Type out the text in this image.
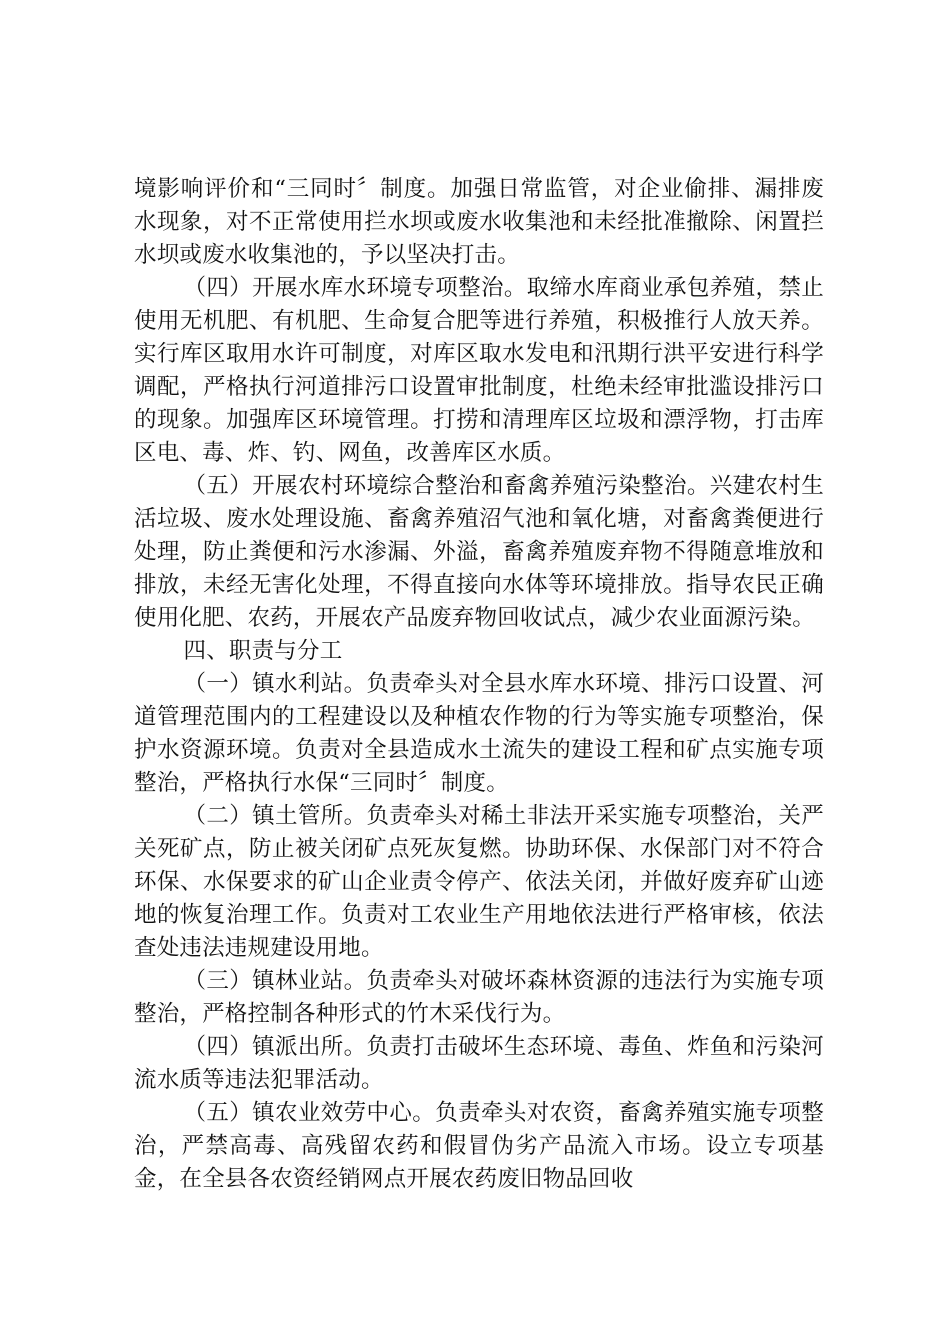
境影响评价和“三同时〞制度。加强日常监管，对企业偷排、漏排废水现象，对不正常使用拦水坝或废水收集池和未经批准撤除、闲置拦水坝或废水收集池的，予以坚决打击。

（四）开展水库水环境专项整治。取缔水库商业承包养殖，禁止使用无机肥、有机肥、生命复合肥等进行养殖，积极推行人放天养。实行库区取用水许可制度，对库区取水发电和汛期行洪平安进行科学调配，严格执行河道排污口设置审批制度，杜绝未经审批滥设排污口的现象。加强库区环境管理。打捞和清理库区垃圾和漂浮物，打击库区电、毒、炸、钓、网鱼，改善库区水质。

（五）开展农村环境综合整治和畜禽养殖污染整治。兴建农村生活垃圾、废水处理设施、畜禽养殖沼气池和氧化塘，对畜禽粪便进行处理，防止粪便和污水渗漏、外溢，畜禽养殖废弃物不得随意堆放和排放，未经无害化处理，不得直接向水体等环境排放。指导农民正确使用化肥、农药，开展农产品废弃物回收试点，减少农业面源污染。

四、职责与分工

（一）镇水利站。负责牵头对全县水库水环境、排污口设置、河道管理范围内的工程建设以及种植农作物的行为等实施专项整治，保护水资源环境。负责对全县造成水土流失的建设工程和矿点实施专项整治，严格执行水保“三同时〞制度。

（二）镇土管所。负责牵头对稀土非法开采实施专项整治，关严关死矿点，防止被关闭矿点死灰复燃。协助环保、水保部门对不符合环保、水保要求的矿山企业责令停产、依法关闭，并做好废弃矿山迹地的恢复治理工作。负责对工农业生产用地依法进行严格审核，依法查处违法违规建设用地。

（三）镇林业站。负责牵头对破坏森林资源的违法行为实施专项整治，严格控制各种形式的竹木采伐行为。

（四）镇派出所。负责打击破坏生态环境、毒鱼、炸鱼和污染河流水质等违法犯罪活动。

（五）镇农业效劳中心。负责牵头对农资，畜禽养殖实施专项整治，严禁高毒、高残留农药和假冒伪劣产品流入市场。设立专项基金，在全县各农资经销网点开展农药废旧物品回收
